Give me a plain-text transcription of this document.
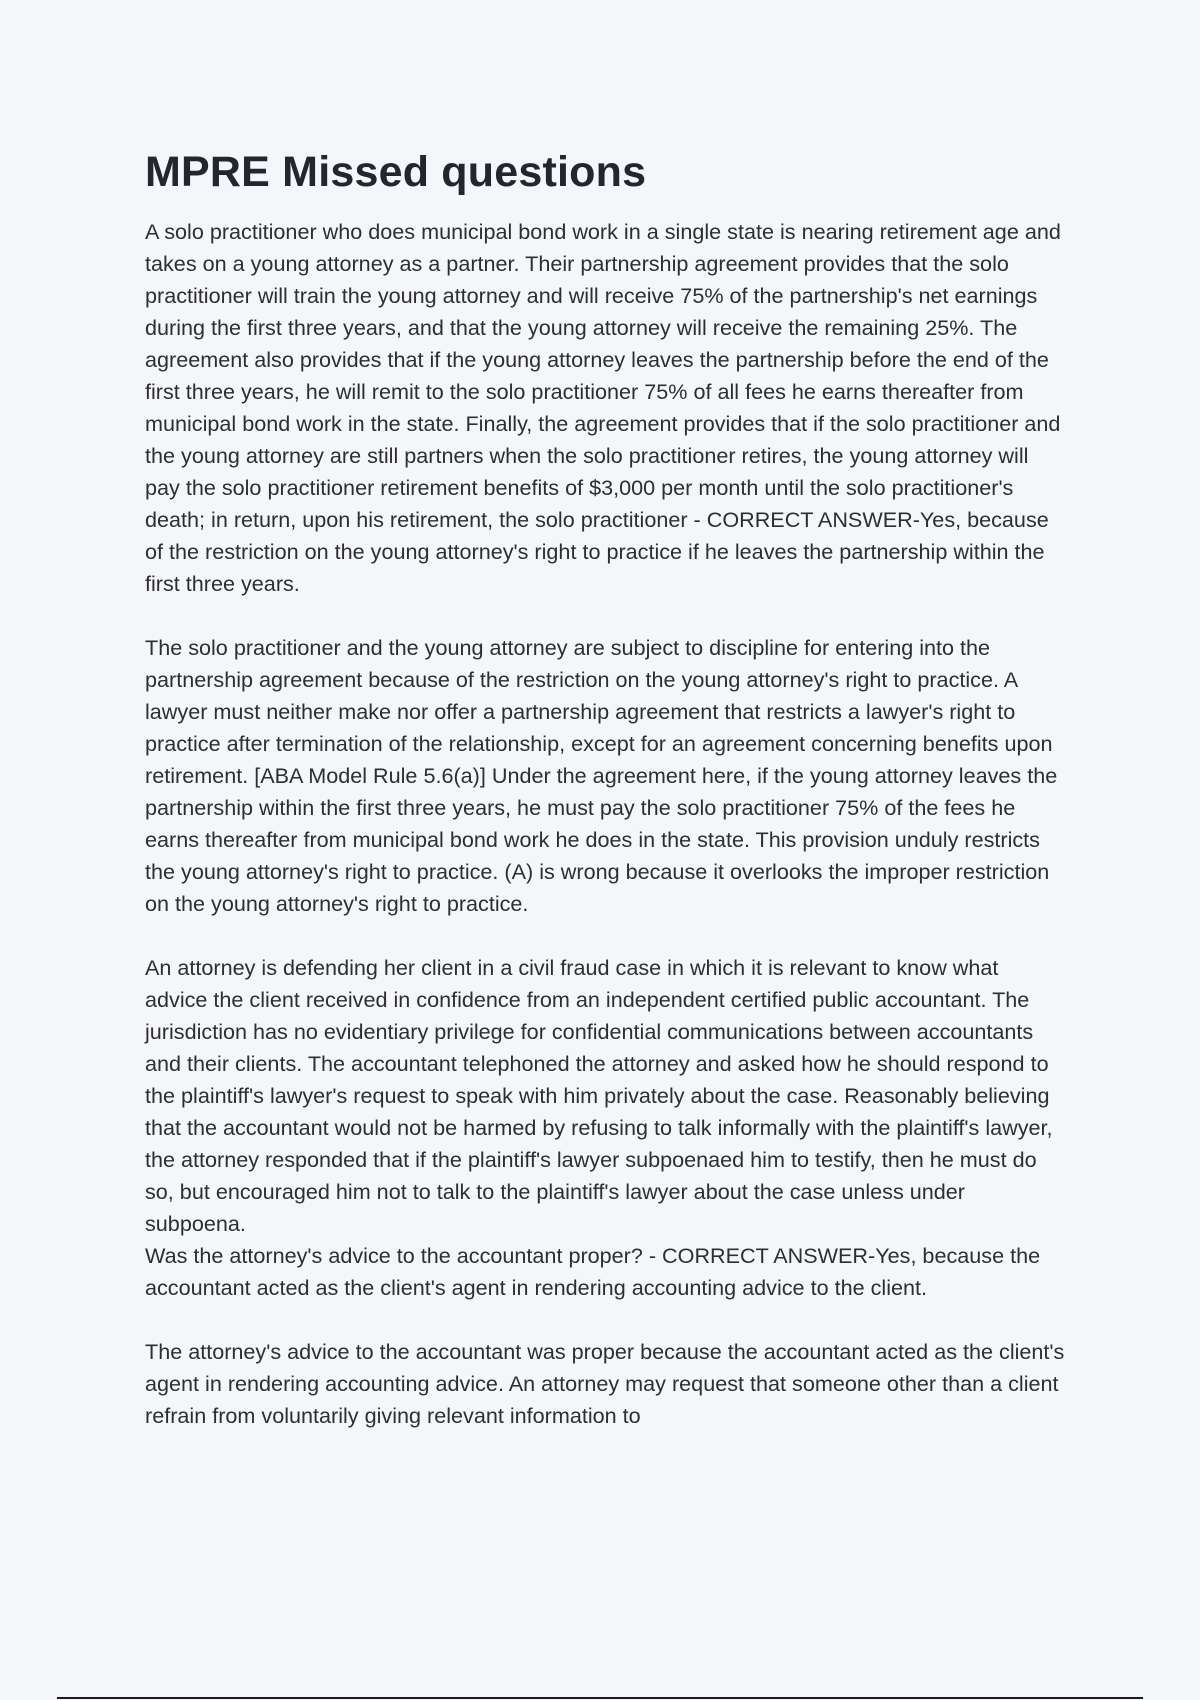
MPRE Missed questions

A solo practitioner who does municipal bond work in a single state is nearing retirement age and takes on a young attorney as a partner. Their partnership agreement provides that the solo practitioner will train the young attorney and will receive 75% of the partnership's net earnings during the first three years, and that the young attorney will receive the remaining 25%. The agreement also provides that if the young attorney leaves the partnership before the end of the first three years, he will remit to the solo practitioner 75% of all fees he earns thereafter from municipal bond work in the state. Finally, the agreement provides that if the solo practitioner and the young attorney are still partners when the solo practitioner retires, the young attorney will pay the solo practitioner retirement benefits of $3,000 per month until the solo practitioner's death; in return, upon his retirement, the solo practitioner - CORRECT ANSWER-Yes, because of the restriction on the young attorney's right to practice if he leaves the partnership within the first three years.

The solo practitioner and the young attorney are subject to discipline for entering into the partnership agreement because of the restriction on the young attorney's right to practice. A lawyer must neither make nor offer a partnership agreement that restricts a lawyer's right to practice after termination of the relationship, except for an agreement concerning benefits upon retirement. [ABA Model Rule 5.6(a)] Under the agreement here, if the young attorney leaves the partnership within the first three years, he must pay the solo practitioner 75% of the fees he earns thereafter from municipal bond work he does in the state. This provision unduly restricts the young attorney's right to practice. (A) is wrong because it overlooks the improper restriction on the young attorney's right to practice.

An attorney is defending her client in a civil fraud case in which it is relevant to know what advice the client received in confidence from an independent certified public accountant. The jurisdiction has no evidentiary privilege for confidential communications between accountants and their clients. The accountant telephoned the attorney and asked how he should respond to the plaintiff's lawyer's request to speak with him privately about the case. Reasonably believing that the accountant would not be harmed by refusing to talk informally with the plaintiff's lawyer, the attorney responded that if the plaintiff's lawyer subpoenaed him to testify, then he must do so, but encouraged him not to talk to the plaintiff's lawyer about the case unless under subpoena.

Was the attorney's advice to the accountant proper? - CORRECT ANSWER-Yes, because the accountant acted as the client's agent in rendering accounting advice to the client.

The attorney's advice to the accountant was proper because the accountant acted as the client's agent in rendering accounting advice. An attorney may request that someone other than a client refrain from voluntarily giving relevant information to
